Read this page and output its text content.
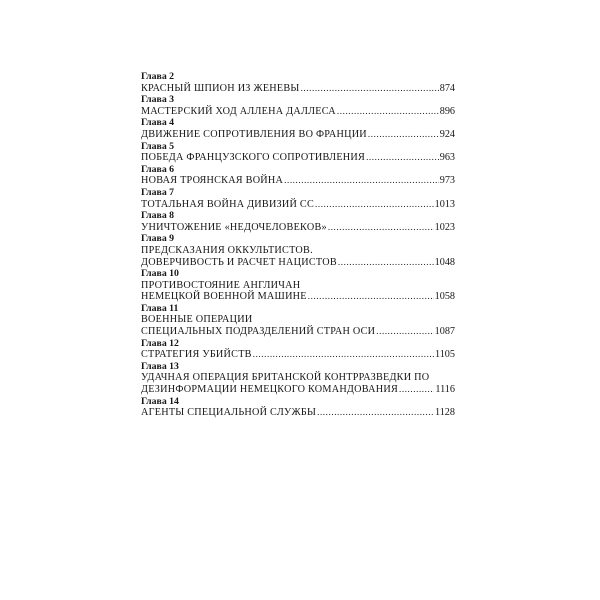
Глава 2
КРАСНЫЙ ШПИОН ИЗ ЖЕНЕВЫ .....	874
Глава 3
МАСТЕРСКИЙ ХОД АЛЛЕНА ДАЛЛЕСА .....	896
Глава 4
ДВИЖЕНИЕ СОПРОТИВЛЕНИЯ ВО ФРАНЦИИ .....	924
Глава 5
ПОБЕДА ФРАНЦУЗСКОГО СОПРОТИВЛЕНИЯ .....	963
Глава 6
НОВАЯ ТРОЯНСКАЯ ВОЙНА .....	973
Глава 7
ТОТАЛЬНАЯ ВОЙНА ДИВИЗИЙ СС .....	1013
Глава 8
УНИЧТОЖЕНИЕ «НЕДОЧЕЛОВЕКОВ» .....	1023
Глава 9
ПРЕДСКАЗАНИЯ ОККУЛЬТИСТОВ.
ДОВЕРЧИВОСТЬ И РАСЧЕТ НАЦИСТОВ .....	1048
Глава 10
ПРОТИВОСТОЯНИЕ АНГЛИЧАН
НЕМЕЦКОЙ ВОЕННОЙ МАШИНЕ .....	1058
Глава 11
ВОЕННЫЕ ОПЕРАЦИИ
СПЕЦИАЛЬНЫХ ПОДРАЗДЕЛЕНИЙ СТРАН ОСИ .....	1087
Глава 12
СТРАТЕГИЯ УБИЙСТВ .....	1105
Глава 13
УДАЧНАЯ ОПЕРАЦИЯ БРИТАНСКОЙ КОНТРРАЗВЕДКИ ПО
ДЕЗИНФОРМАЦИИ НЕМЕЦКОГО КОМАНДОВАНИЯ .....	1116
Глава 14
АГЕНТЫ СПЕЦИАЛЬНОЙ СЛУЖБЫ .....	1128
